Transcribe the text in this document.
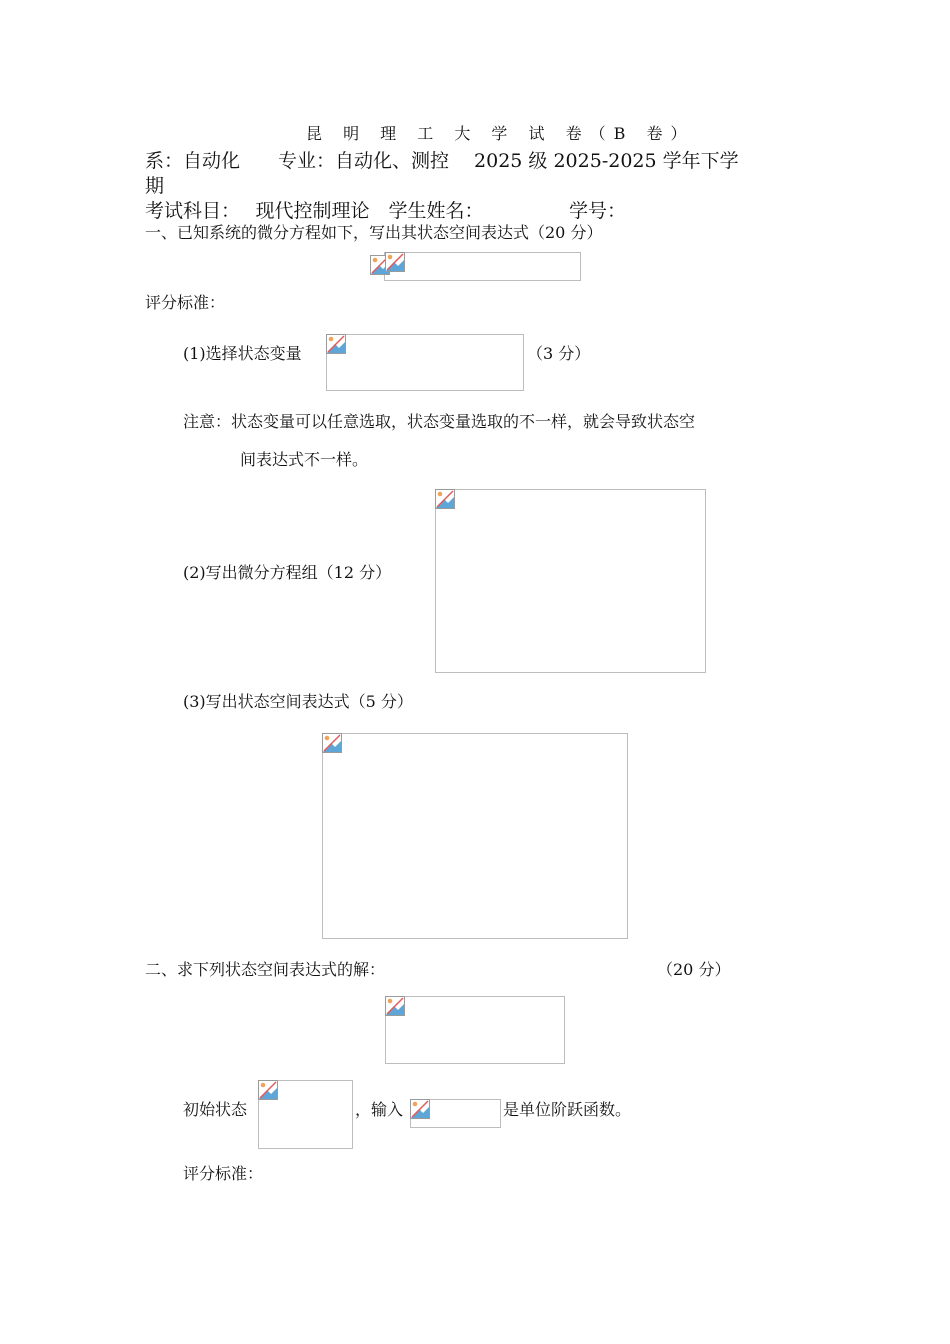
昆 明 理 工 大 学 试 卷（B 卷）
系：自动化　　专业：自动化、测控　 2025 级 2025-2025 学年下学
期
考试科目：　 现代控制理论　学生姓名：　　　　　学号：
一、已知系统的微分方程如下，写出其状态空间表达式（20 分）
评分标准：
(1)选择状态变量	（3 分）
注意：状态变量可以任意选取，状态变量选取的不一样，就会导致状态空
间表达式不一样。
(2)写出微分方程组（12 分）
(3)写出状态空间表达式（5 分）
二、求下列状态空间表达式的解：	（20 分）
初始状态	，输入	是单位阶跃函数。
评分标准：
